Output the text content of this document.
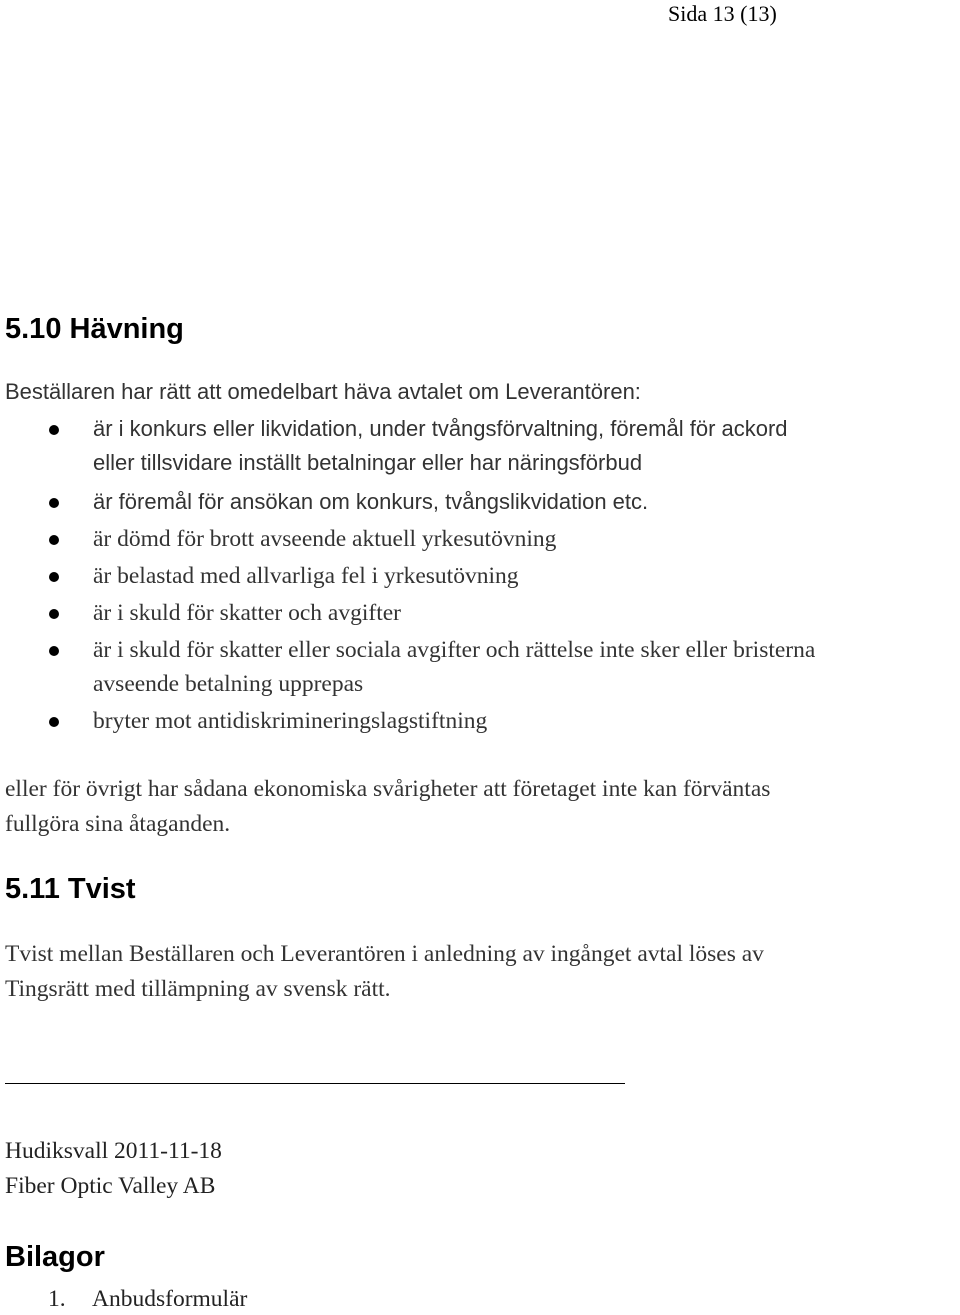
Sida 13 (13)
5.10 Hävning
Beställaren har rätt att omedelbart häva avtalet om Leverantören:
är i konkurs eller likvidation, under tvångsförvaltning, föremål för ackord
eller tillsvidare inställt betalningar eller har näringsförbud
är föremål för ansökan om konkurs, tvångslikvidation etc.
är dömd för brott avseende aktuell yrkesutövning
är belastad med allvarliga fel i yrkesutövning
är i skuld för skatter och avgifter
är i skuld för skatter eller sociala avgifter och rättelse inte sker eller bristerna
avseende betalning upprepas
bryter mot antidiskrimineringslagstiftning

eller för övrigt har sådana ekonomiska svårigheter att företaget inte kan förväntas
fullgöra sina åtaganden.

5.11 Tvist

Tvist mellan Beställaren och Leverantören i anledning av ingånget avtal löses av
Tingsrätt med tillämpning av svensk rätt.

Hudiksvall 2011-11-18
Fiber Optic Valley AB
Bilagor
1. Anbudsformulär
